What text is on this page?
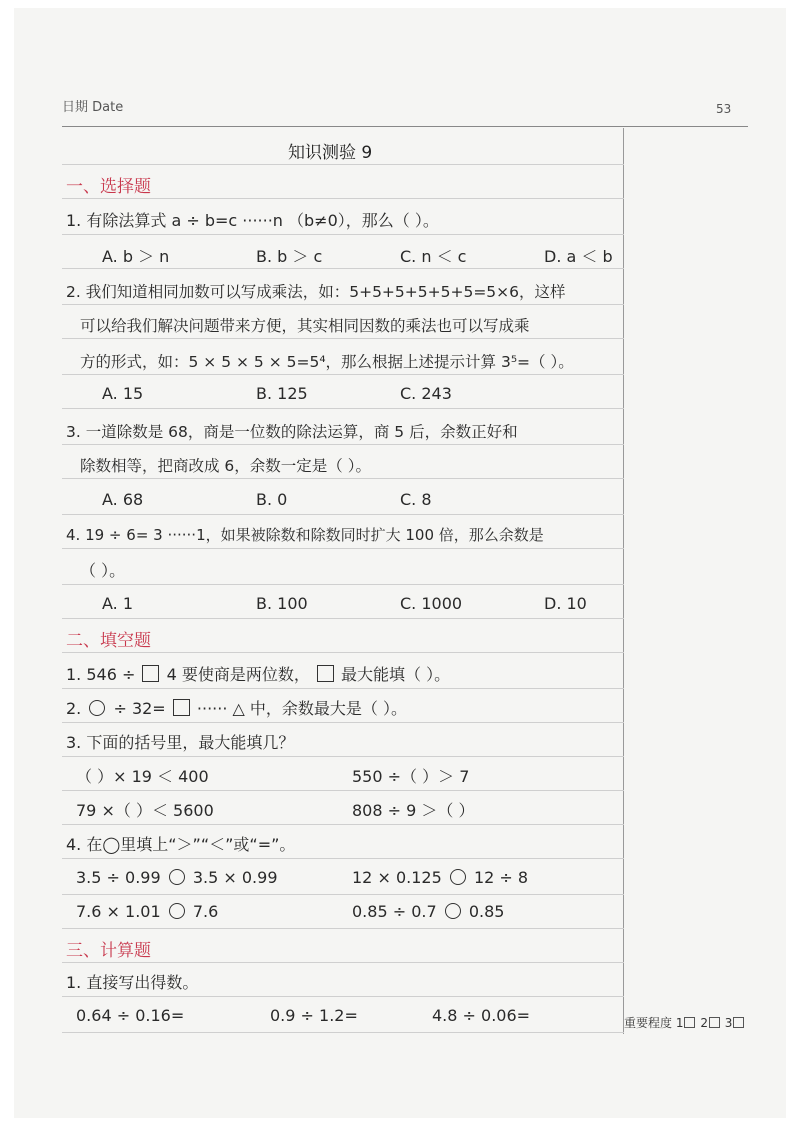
日期 Date	53
知识测验 9
一、选择题
1. 有除法算式 a ÷ b=c ······n （b≠0），那么（ ）。
A. b ＞ n	B. b ＞ c	C. n ＜ c	D. a ＜ b
2. 我们知道相同加数可以写成乘法，如：5+5+5+5+5+5=5×6，这样
可以给我们解决问题带来方便，其实相同因数的乘法也可以写成乘
方的形式，如：5 × 5 × 5 × 5=5⁴，那么根据上述提示计算 3⁵=（ ）。
A. 15	B. 125	C. 243
3. 一道除数是 68，商是一位数的除法运算，商 5 后，余数正好和
除数相等，把商改成 6，余数一定是（ ）。
A. 68	B. 0	C. 8
4. 19 ÷ 6= 3 ······1，如果被除数和除数同时扩大 100 倍，那么余数是
（ ）。
A. 1	B. 100	C. 1000	D. 10
二、填空题
1. 546 ÷ 4 要使商是两位数， 最大能填（ ）。
2. ÷ 32= ······ △ 中，余数最大是（ ）。
3. 下面的括号里，最大能填几？
（ ）× 19 ＜ 400	550 ÷（ ）＞ 7
79 ×（ ）＜ 5600	808 ÷ 9 ＞（ ）
4. 在◯里填上“＞”“＜”或“=”。
3.5 ÷ 0.99 3.5 × 0.99	12 × 0.125 12 ÷ 8
7.6 × 1.01 7.6	0.85 ÷ 0.7 0.85
三、计算题
1. 直接写出得数。
0.64 ÷ 0.16=	0.9 ÷ 1.2=	4.8 ÷ 0.06=	重要程度 1 2 3
